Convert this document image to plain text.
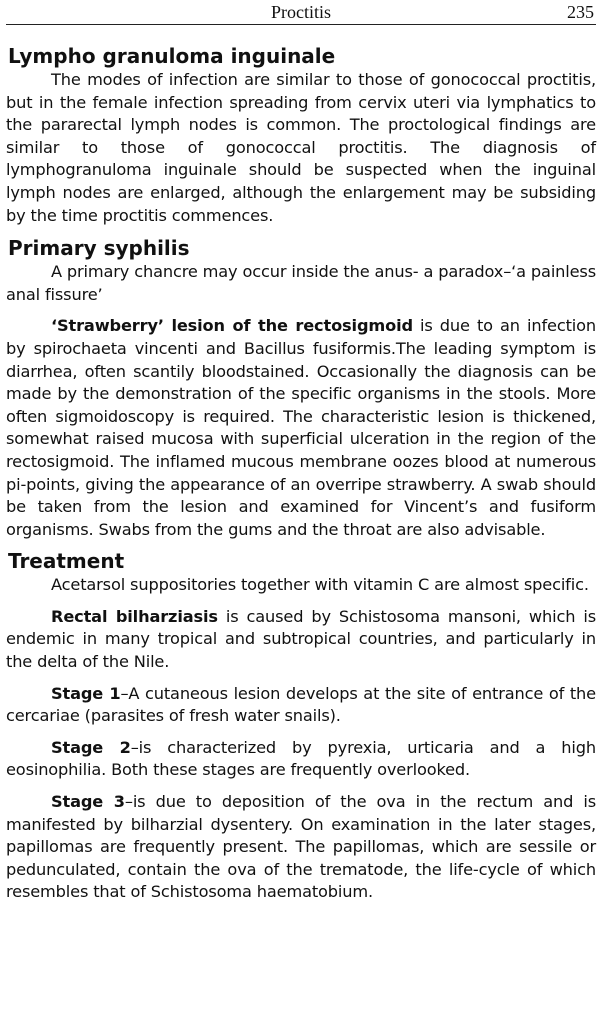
Proctitis	235
Lympho granuloma inguinale

The modes of infection are similar to those of gonococcal proctitis, but in the female infection spreading from cervix uteri via lymphatics to the pararectal lymph nodes is common. The proctological findings are similar to those of gonococcal proctitis. The diagnosis of lymphogranuloma inguinale should be suspected when the inguinal lymph nodes are enlarged, although the enlargement may be subsiding by the time proctitis commences.

Primary syphilis

A primary chancre may occur inside the anus- a paradox–‘a painless anal fissure’

‘Strawberry’ lesion of the rectosigmoid is due to an infection by spirochaeta vincenti and Bacillus fusiformis.The leading symptom is diarrhea, often scantily bloodstained. Occasionally the diagnosis can be made by the demonstration of the specific organisms in the stools. More often sigmoidoscopy is required. The characteristic lesion is thickened, somewhat raised mucosa with superficial ulceration in the region of the rectosigmoid. The inflamed mucous membrane oozes blood at numerous pi-points, giving the appearance of an overripe strawberry. A swab should be taken from the lesion and examined for Vincent’s and fusiform organisms. Swabs from the gums and the throat are also advisable.

Treatment

Acetarsol suppositories together with vitamin C are almost specific.

Rectal bilharziasis is caused by Schistosoma mansoni, which is endemic in many tropical and subtropical countries, and particularly in the delta of the Nile.

Stage 1–A cutaneous lesion develops at the site of entrance of the cercariae (parasites of fresh water snails).

Stage 2–is characterized by pyrexia, urticaria and a high eosinophilia. Both these stages are frequently overlooked.

Stage 3–is due to deposition of the ova in the rectum and is manifested by bilharzial dysentery. On examination in the later stages, papillomas are frequently present. The papillomas, which are sessile or pedunculated, contain the ova of the trematode, the life-cycle of which resembles that of Schistosoma haematobium.
